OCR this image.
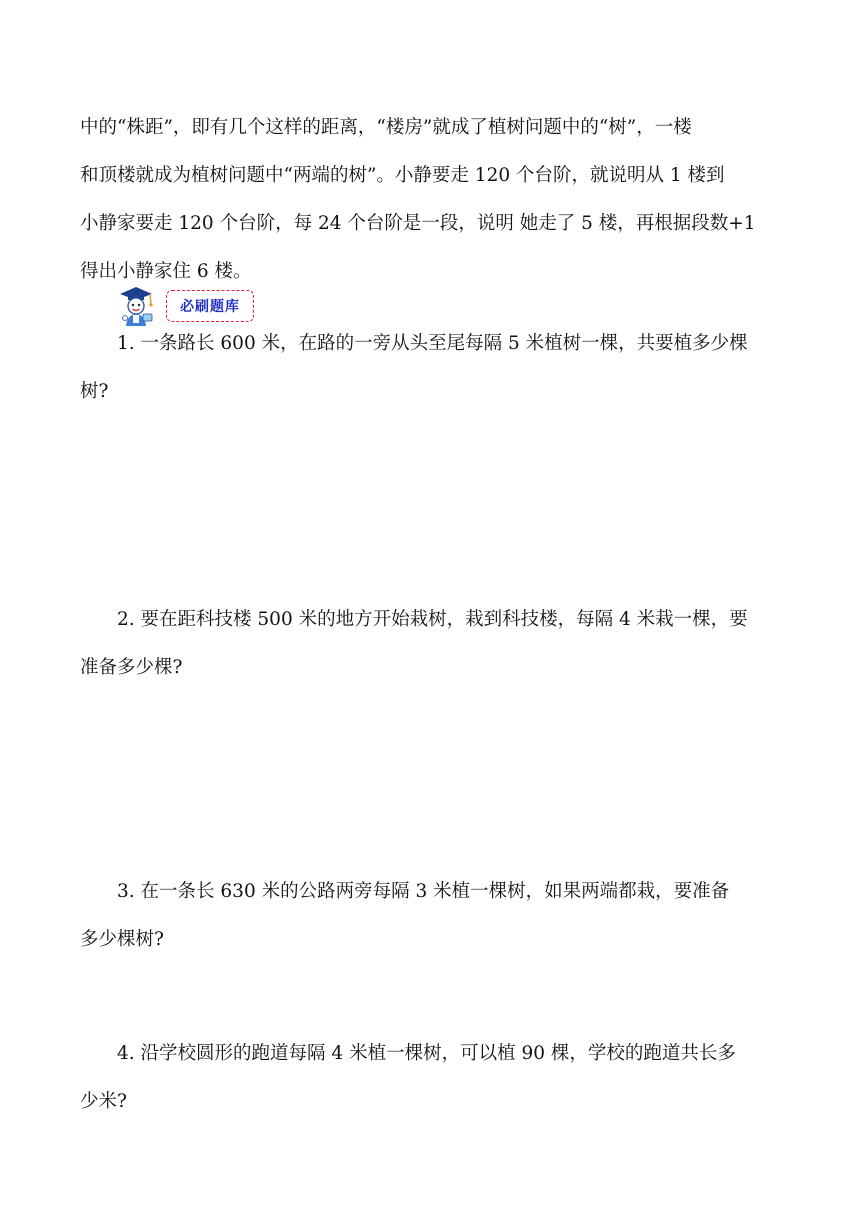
中的“株距”，即有几个这样的距离，“楼房”就成了植树问题中的“树”，一楼
和顶楼就成为植树问题中“两端的树”。小静要走 120 个台阶，就说明从 1 楼到
小静家要走 120 个台阶，每 24 个台阶是一段，说明 她走了 5 楼，再根据段数+1
得出小静家住 6 楼。

必刷题库

1. 一条路长 600 米，在路的一旁从头至尾每隔 5 米植树一棵，共要植多少棵
树?

2. 要在距科技楼 500 米的地方开始栽树，栽到科技楼，每隔 4 米栽一棵，要
准备多少棵?

3. 在一条长 630 米的公路两旁每隔 3 米植一棵树，如果两端都栽，要准备
多少棵树?

4. 沿学校圆形的跑道每隔 4 米植一棵树，可以植 90 棵，学校的跑道共长多
少米?
